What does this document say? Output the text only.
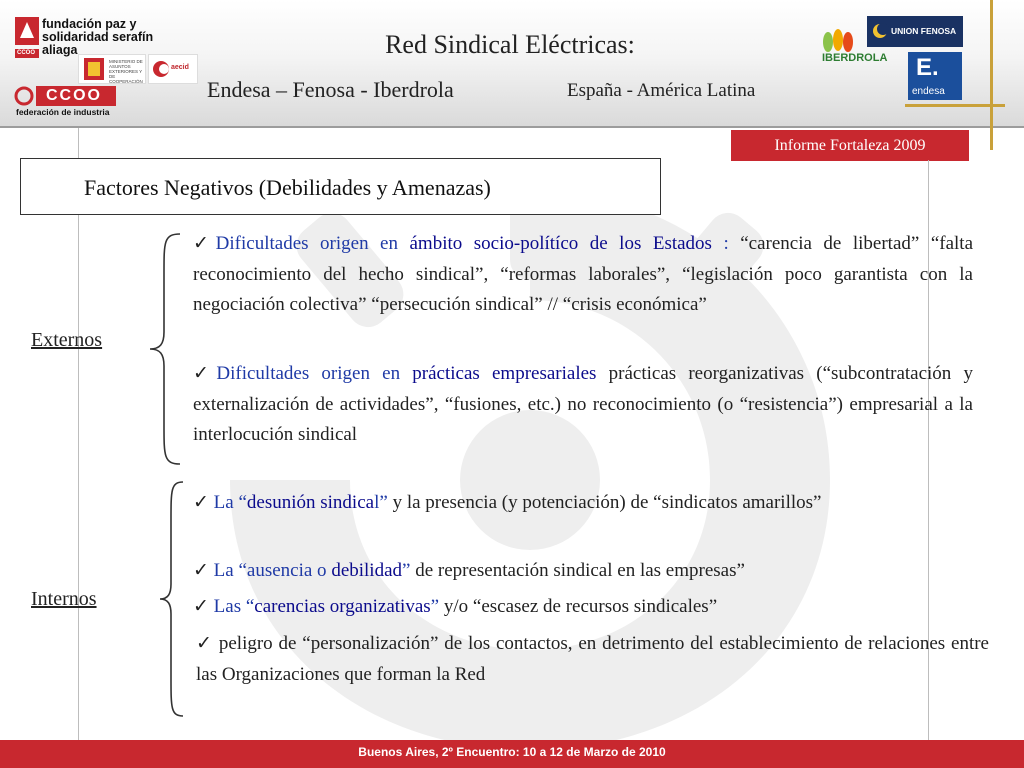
fundación paz y solidaridad serafín aliaga
CCOO
MINISTERIO DE ASUNTOS EXTERIORES Y DE COOPERACIÓN
aecid
CCOO
federación de industria
Red Sindical Eléctricas:
Endesa – Fenosa - Iberdrola	España - América Latina
UNION FENOSA
IBERDROLA E.
endesa
Informe Fortaleza 2009
Factores Negativos (Debilidades y Amenazas)
Externos
✓Dificultades origen en ámbito socio-polítíco de los Estados : “carencia de libertad” “falta reconocimiento del hecho sindical”, “reformas laborales”, “legislación poco garantista con la negociación colectiva” “persecución sindical” // “crisis económica”
✓Dificultades origen en prácticas empresariales prácticas reorganizativas (“subcontratación y externalización de actividades”, “fusiones, etc.) no reconocimiento (o “resistencia”) empresarial a la interlocución sindical
Internos
✓ La “desunión sindical” y la presencia (y potenciación) de “sindicatos amarillos”
✓ La “ausencia o debilidad” de representación sindical en las empresas”
✓ Las “carencias organizativas” y/o “escasez de recursos sindicales”
✓ peligro de “personalización” de los contactos, en detrimento del establecimiento de relaciones entre las Organizaciones que forman la Red
Buenos Aires, 2º Encuentro: 10 a 12 de Marzo de 2010
